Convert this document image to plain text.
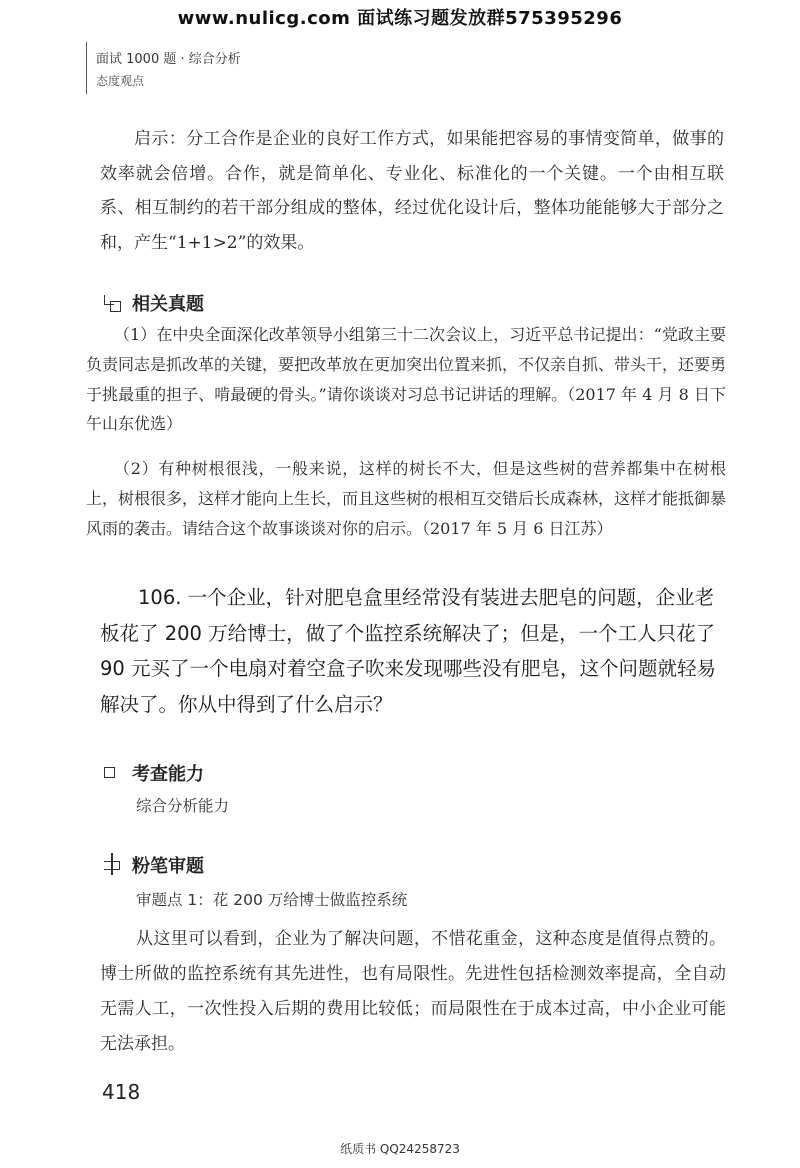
www.nulicg.com 面试练习题发放群575395296
面试 1000 题 · 综合分析
态度观点
启示：分工合作是企业的良好工作方式，如果能把容易的事情变简单，做事的效率就会倍增。合作，就是简单化、专业化、标准化的一个关键。一个由相互联系、相互制约的若干部分组成的整体，经过优化设计后，整体功能能够大于部分之和，产生“1+1>2”的效果。
相关真题
（1）在中央全面深化改革领导小组第三十二次会议上，习近平总书记提出：“党政主要负责同志是抓改革的关键，要把改革放在更加突出位置来抓，不仅亲自抓、带头干，还要勇于挑最重的担子、啃最硬的骨头。”请你谈谈对习总书记讲话的理解。（2017 年 4 月 8 日下午山东优选）
（2）有种树根很浅，一般来说，这样的树长不大，但是这些树的营养都集中在树根上，树根很多，这样才能向上生长，而且这些树的根相互交错后长成森林，这样才能抵御暴风雨的袭击。请结合这个故事谈谈对你的启示。（2017 年 5 月 6 日江苏）
106. 一个企业，针对肥皂盒里经常没有装进去肥皂的问题，企业老板花了 200 万给博士，做了个监控系统解决了；但是，一个工人只花了 90 元买了一个电扇对着空盒子吹来发现哪些没有肥皂，这个问题就轻易解决了。你从中得到了什么启示？
考查能力
综合分析能力
粉笔审题
审题点 1：花 200 万给博士做监控系统
从这里可以看到，企业为了解决问题，不惜花重金，这种态度是值得点赞的。博士所做的监控系统有其先进性，也有局限性。先进性包括检测效率提高，全自动无需人工，一次性投入后期的费用比较低；而局限性在于成本过高，中小企业可能无法承担。
418
纸质书 QQ24258723
